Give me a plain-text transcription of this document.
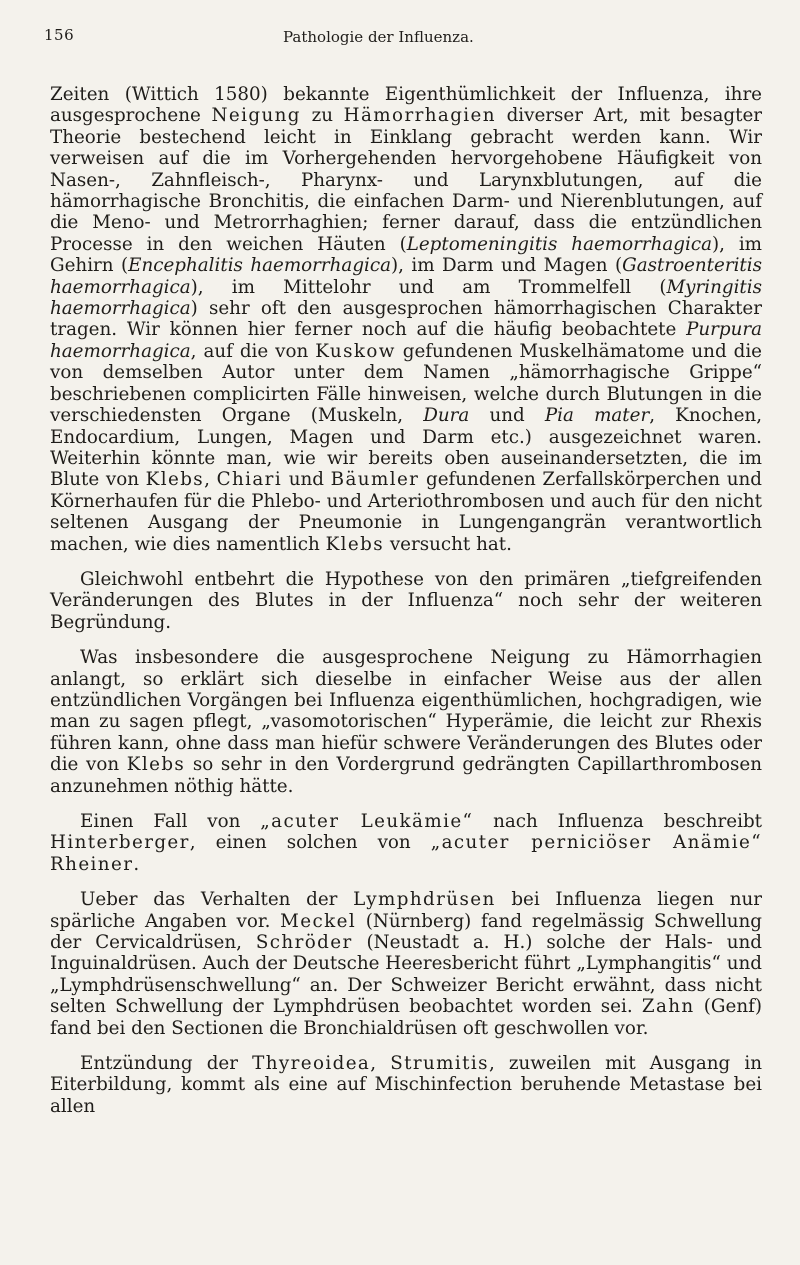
156	Pathologie der Influenza.

Zeiten (Wittich 1580) bekannte Eigenthümlichkeit der Influenza, ihre ausgesprochene Neigung zu Hämorrhagien diverser Art, mit besagter Theorie bestechend leicht in Einklang gebracht werden kann. Wir verweisen auf die im Vorhergehenden hervorgehobene Häufigkeit von Nasen-, Zahnfleisch-, Pharynx- und Larynxblutungen, auf die hämorrhagische Bronchitis, die einfachen Darm- und Nierenblutungen, auf die Meno- und Metrorrhaghien; ferner darauf, dass die entzündlichen Processe in den weichen Häuten (Leptomeningitis haemorrhagica), im Gehirn (Encephalitis haemorrhagica), im Darm und Magen (Gastroenteritis haemorrhagica), im Mittelohr und am Trommelfell (Myringitis haemorrhagica) sehr oft den ausgesprochen hämorrhagischen Charakter tragen. Wir können hier ferner noch auf die häufig beobachtete Purpura haemorrhagica, auf die von Kuskow gefundenen Muskelhämatome und die von demselben Autor unter dem Namen „hämorrhagische Grippe“ beschriebenen complicirten Fälle hinweisen, welche durch Blutungen in die verschiedensten Organe (Muskeln, Dura und Pia mater, Knochen, Endocardium, Lungen, Magen und Darm etc.) ausgezeichnet waren. Weiterhin könnte man, wie wir bereits oben auseinandersetzten, die im Blute von Klebs, Chiari und Bäumler gefundenen Zerfallskörperchen und Körnerhaufen für die Phlebo- und Arteriothrombosen und auch für den nicht seltenen Ausgang der Pneumonie in Lungengangrän verantwortlich machen, wie dies namentlich Klebs versucht hat.

Gleichwohl entbehrt die Hypothese von den primären „tiefgreifenden Veränderungen des Blutes in der Influenza“ noch sehr der weiteren Begründung.

Was insbesondere die ausgesprochene Neigung zu Hämorrhagien anlangt, so erklärt sich dieselbe in einfacher Weise aus der allen entzündlichen Vorgängen bei Influenza eigenthümlichen, hochgradigen, wie man zu sagen pflegt, „vasomotorischen“ Hyperämie, die leicht zur Rhexis führen kann, ohne dass man hiefür schwere Veränderungen des Blutes oder die von Klebs so sehr in den Vordergrund gedrängten Capillarthrombosen anzunehmen nöthig hätte.

Einen Fall von „acuter Leukämie“ nach Influenza beschreibt Hinterberger, einen solchen von „acuter perniciöser Anämie“ Rheiner.

Ueber das Verhalten der Lymphdrüsen bei Influenza liegen nur spärliche Angaben vor. Meckel (Nürnberg) fand regelmässig Schwellung der Cervicaldrüsen, Schröder (Neustadt a. H.) solche der Hals- und Inguinaldrüsen. Auch der Deutsche Heeresbericht führt „Lymphangitis“ und „Lymphdrüsenschwellung“ an. Der Schweizer Bericht erwähnt, dass nicht selten Schwellung der Lymphdrüsen beobachtet worden sei. Zahn (Genf) fand bei den Sectionen die Bronchialdrüsen oft geschwollen vor.

Entzündung der Thyreoidea, Strumitis, zuweilen mit Ausgang in Eiterbildung, kommt als eine auf Mischinfection beruhende Metastase bei allen
